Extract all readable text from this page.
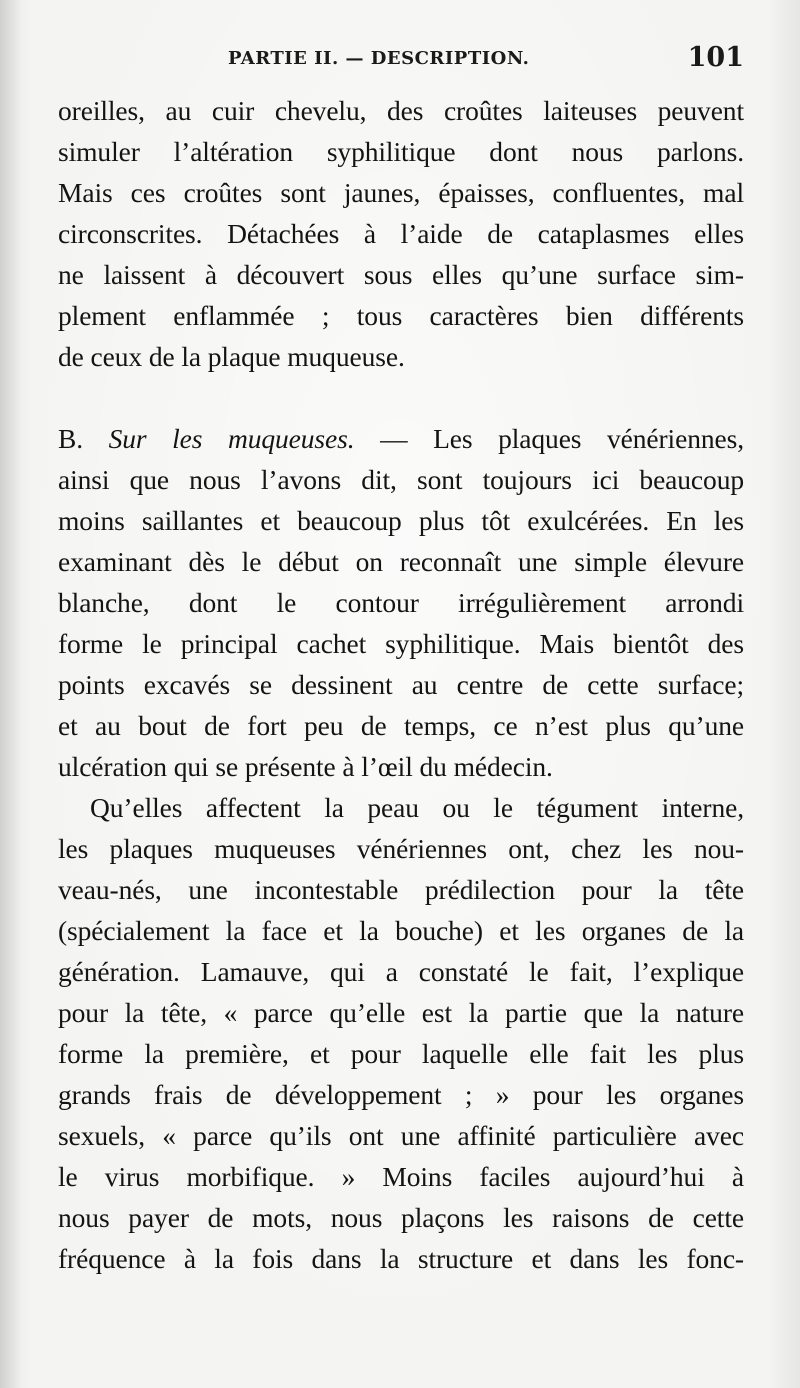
PARTIE II. — DESCRIPTION.	101
oreilles, au cuir chevelu, des croûtes laiteuses peuvent
simuler l’altération syphilitique dont nous parlons.
Mais ces croûtes sont jaunes, épaisses, confluentes, mal
circonscrites. Détachées à l’aide de cataplasmes elles
ne laissent à découvert sous elles qu’une surface sim-
plement enflammée ; tous caractères bien différents
de ceux de la plaque muqueuse.
B. Sur les muqueuses. — Les plaques vénériennes,
ainsi que nous l’avons dit, sont toujours ici beaucoup
moins saillantes et beaucoup plus tôt exulcérées. En les
examinant dès le début on reconnaît une simple élevure
blanche, dont le contour irrégulièrement arrondi
forme le principal cachet syphilitique. Mais bientôt des
points excavés se dessinent au centre de cette surface;
et au bout de fort peu de temps, ce n’est plus qu’une
ulcération qui se présente à l’œil du médecin.
Qu’elles affectent la peau ou le tégument interne,
les plaques muqueuses vénériennes ont, chez les nou-
veau-nés, une incontestable prédilection pour la tête
(spécialement la face et la bouche) et les organes de la
génération. Lamauve, qui a constaté le fait, l’explique
pour la tête, « parce qu’elle est la partie que la nature
forme la première, et pour laquelle elle fait les plus
grands frais de développement ; » pour les organes
sexuels, « parce qu’ils ont une affinité particulière avec
le virus morbifique. » Moins faciles aujourd’hui à
nous payer de mots, nous plaçons les raisons de cette
fréquence à la fois dans la structure et dans les fonc-
